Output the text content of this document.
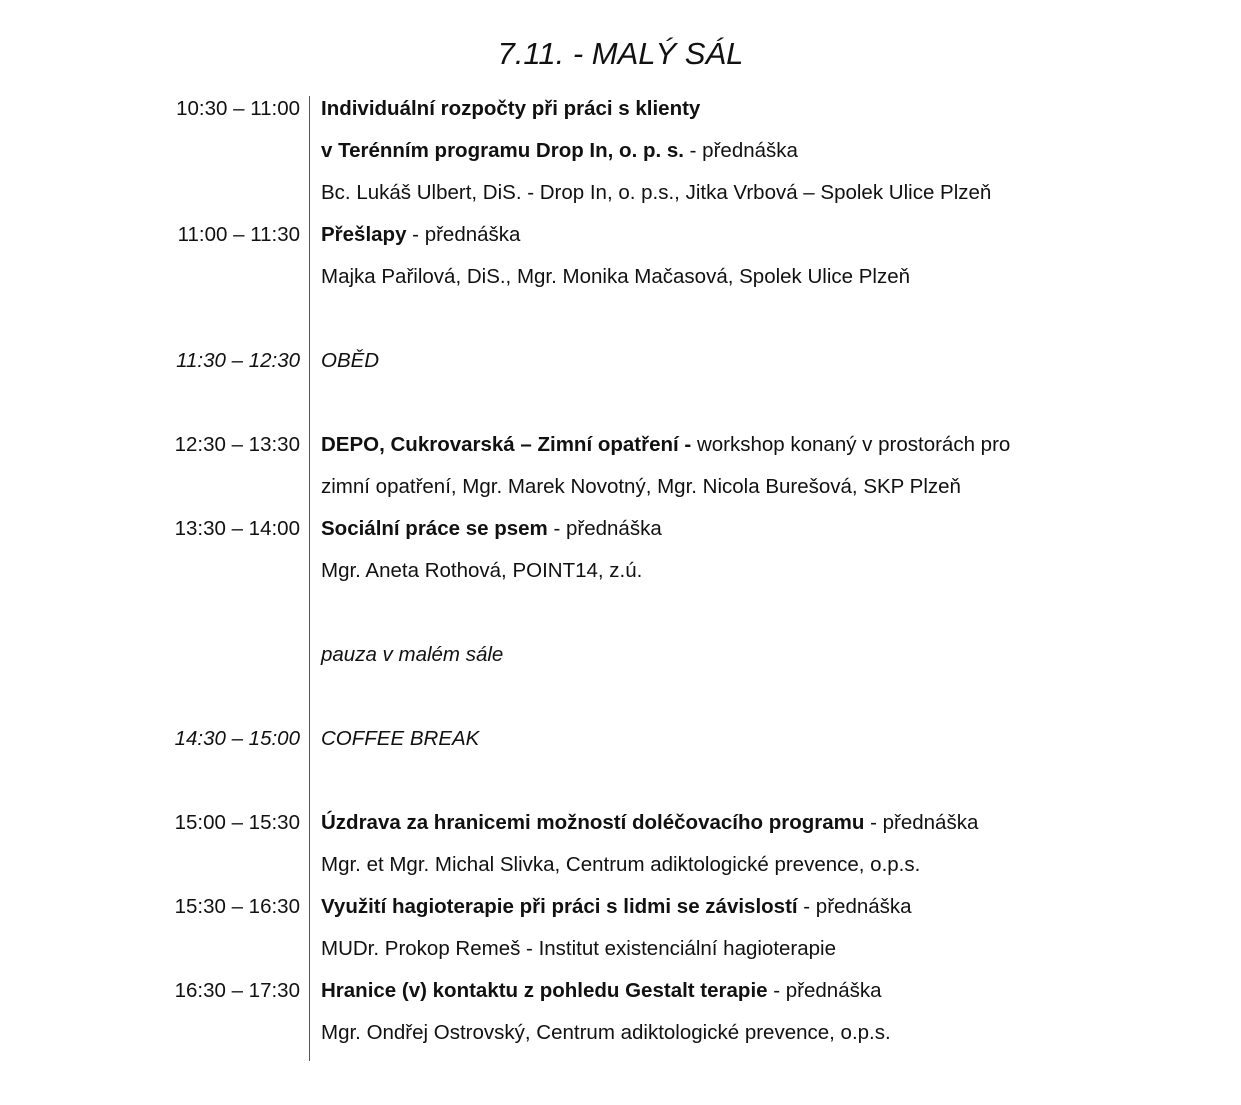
7.11. - MALÝ SÁL
10:30 – 11:00 Individuální rozpočty při práci s klienty
v Terénním programu Drop In, o. p. s. - přednáška
Bc. Lukáš Ulbert, DiS. - Drop In, o. p.s., Jitka Vrbová – Spolek Ulice Plzeň
11:00 – 11:30 Přešlapy - přednáška
Majka Pařilová, DiS., Mgr. Monika Mačasová, Spolek Ulice Plzeň
11:30 – 12:30 OBĚD
12:30 – 13:30 DEPO, Cukrovarská – Zimní opatření - workshop konaný v prostorách pro
zimní opatření, Mgr. Marek Novotný, Mgr. Nicola Burešová, SKP Plzeň
13:30 – 14:00 Sociální práce se psem - přednáška
Mgr. Aneta Rothová, POINT14, z.ú.
pauza v malém sále
14:30 – 15:00 COFFEE BREAK
15:00 – 15:30 Úzdrava za hranicemi možností doléčovacího programu - přednáška
Mgr. et Mgr. Michal Slivka, Centrum adiktologické prevence, o.p.s.
15:30 – 16:30 Využití hagioterapie při práci s lidmi se závislostí - přednáška
MUDr. Prokop Remeš - Institut existenciální hagioterapie
16:30 – 17:30 Hranice (v) kontaktu z pohledu Gestalt terapie - přednáška
Mgr. Ondřej Ostrovský, Centrum adiktologické prevence, o.p.s.
